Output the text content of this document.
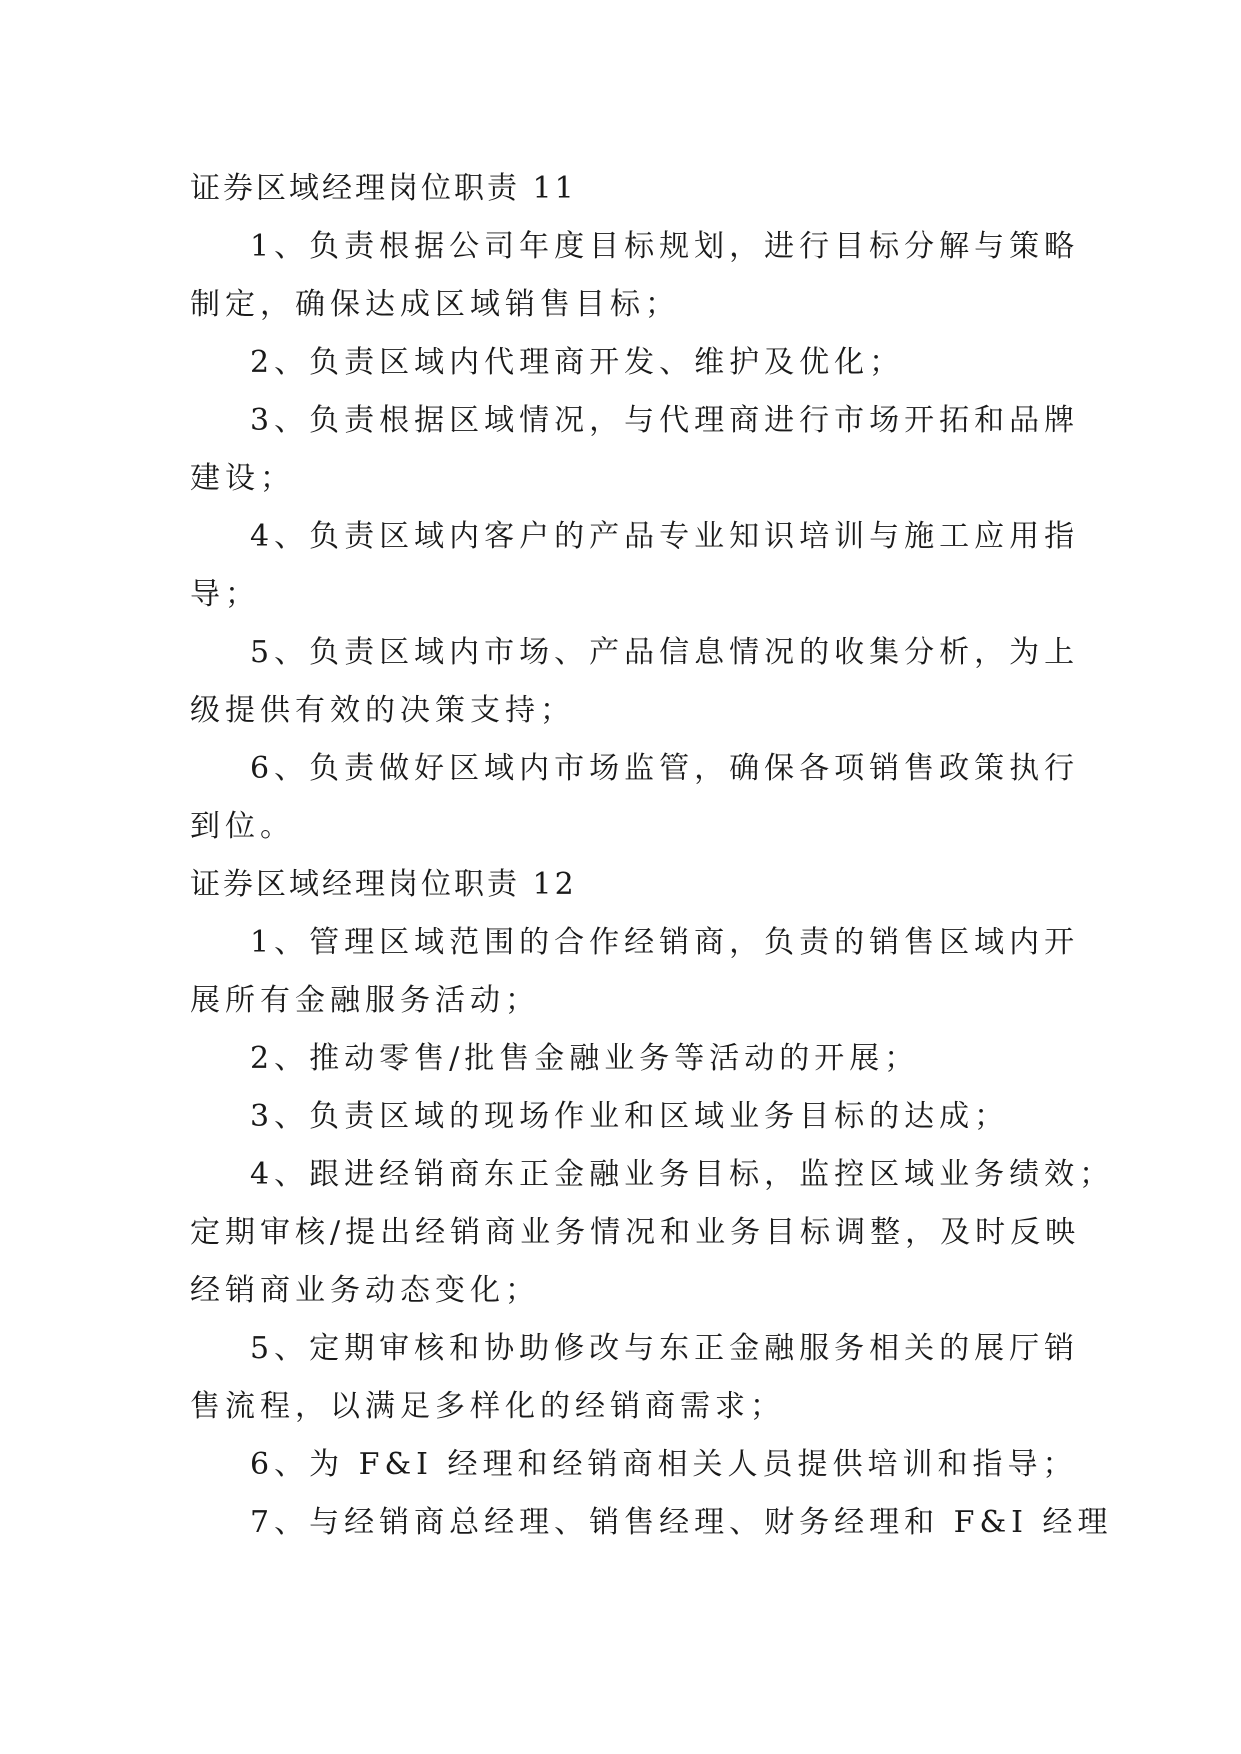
证券区域经理岗位职责 11
1、负责根据公司年度目标规划，进行目标分解与策略
制定，确保达成区域销售目标；
2、负责区域内代理商开发、维护及优化；
3、负责根据区域情况，与代理商进行市场开拓和品牌
建设；
4、负责区域内客户的产品专业知识培训与施工应用指
导；
5、负责区域内市场、产品信息情况的收集分析，为上
级提供有效的决策支持；
6、负责做好区域内市场监管，确保各项销售政策执行
到位。
证券区域经理岗位职责 12
1、管理区域范围的合作经销商，负责的销售区域内开
展所有金融服务活动；
2、推动零售/批售金融业务等活动的开展；
3、负责区域的现场作业和区域业务目标的达成；
4、跟进经销商东正金融业务目标，监控区域业务绩效；
定期审核/提出经销商业务情况和业务目标调整，及时反映
经销商业务动态变化；
5、定期审核和协助修改与东正金融服务相关的展厅销
售流程，以满足多样化的经销商需求；
6、为 F&I 经理和经销商相关人员提供培训和指导；
7、与经销商总经理、销售经理、财务经理和 F&I 经理
